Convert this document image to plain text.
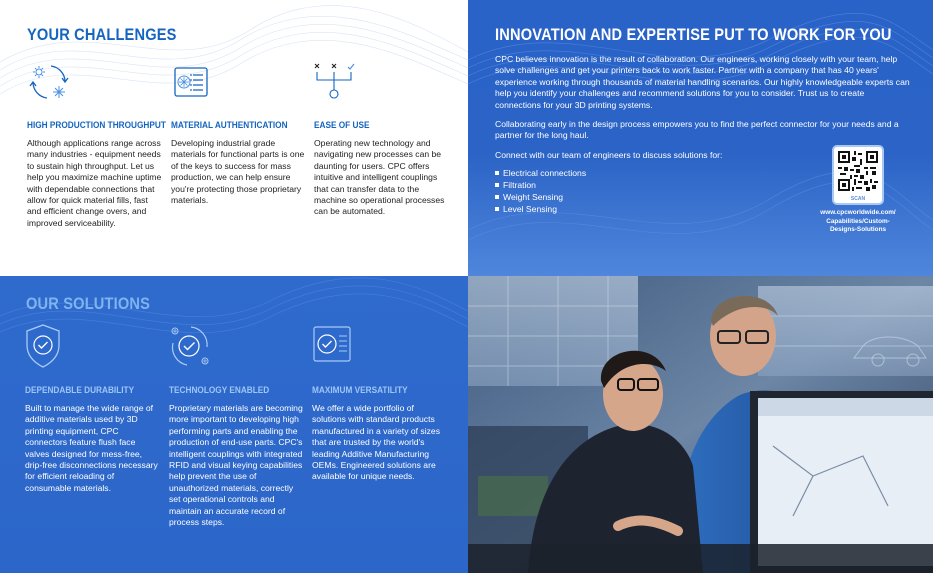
YOUR CHALLENGES
HIGH PRODUCTION THROUGHPUT

Although applications range across many industries - equipment needs to sustain high throughput. Let us help you maximize machine uptime with dependable connections that allow for quick material fills, fast and efficient change overs, and improved serviceability.

MATERIAL AUTHENTICATION

Developing industrial grade materials for functional parts is one of the keys to success for mass production, we can help ensure you're protecting those proprietary materials.

EASE OF USE

Operating new technology and navigating new processes can be daunting for users. CPC offers intuitive and intelligent couplings that can transfer data to the machine so operational processes can be automated.

INNOVATION AND EXPERTISE PUT TO WORK FOR YOU

CPC believes innovation is the result of collaboration. Our engineers, working closely with your team, help solve challenges and get your printers back to work faster. Partner with a company that has 40 years' experience working through thousands of material handling scenarios. Our highly knowledgeable experts can help you identify your challenges and recommend solutions for you to consider. Trust us to create connections for your 3D printing systems.

Collaborating early in the design process empowers you to find the perfect connector for your needs and a partner for the long haul.

Connect with our team of engineers to discuss solutions for:

Electrical connections
Filtration
Weight Sensing
Level Sensing
SCAN
www.cpcworldwide.com/ Capabilities/Custom- Designs-Solutions
OUR SOLUTIONS
DEPENDABLE DURABILITY

Built to manage the wide range of additive materials used by 3D printing equipment, CPC connectors feature flush face valves designed for mess-free, drip-free disconnections necessary for efficient reloading of consumable materials.

TECHNOLOGY ENABLED

Proprietary materials are becoming more important to developing high performing parts and enabling the production of end-use parts. CPC's intelligent couplings with integrated RFID and visual keying capabilities help prevent the use of unauthorized materials, correctly set operational controls and maintain an accurate record of process steps.

MAXIMUM VERSATILITY

We offer a wide portfolio of solutions with standard products manufactured in a variety of sizes that are trusted by the world's leading Additive Manufacturing OEMs. Engineered solutions are available for unique needs.
